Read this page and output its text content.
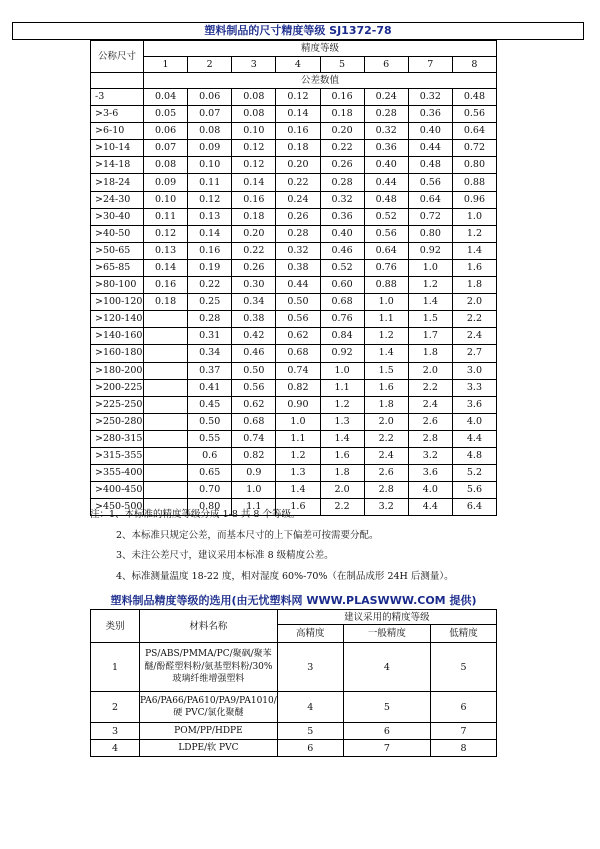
塑料制品的尺寸精度等级 SJ1372-78
公称尺寸	精度等级							
	1	2	3	4	5	6	7	8
	公差数值							
-3	0.04	0.06	0.08	0.12	0.16	0.24	0.32	0.48
>3-6	0.05	0.07	0.08	0.14	0.18	0.28	0.36	0.56
>6-10	0.06	0.08	0.10	0.16	0.20	0.32	0.40	0.64
>10-14	0.07	0.09	0.12	0.18	0.22	0.36	0.44	0.72
>14-18	0.08	0.10	0.12	0.20	0.26	0.40	0.48	0.80
>18-24	0.09	0.11	0.14	0.22	0.28	0.44	0.56	0.88
>24-30	0.10	0.12	0.16	0.24	0.32	0.48	0.64	0.96
>30-40	0.11	0.13	0.18	0.26	0.36	0.52	0.72	1.0
>40-50	0.12	0.14	0.20	0.28	0.40	0.56	0.80	1.2
>50-65	0.13	0.16	0.22	0.32	0.46	0.64	0.92	1.4
>65-85	0.14	0.19	0.26	0.38	0.52	0.76	1.0	1.6
>80-100	0.16	0.22	0.30	0.44	0.60	0.88	1.2	1.8
>100-120	0.18	0.25	0.34	0.50	0.68	1.0	1.4	2.0
>120-140		0.28	0.38	0.56	0.76	1.1	1.5	2.2
>140-160		0.31	0.42	0.62	0.84	1.2	1.7	2.4
>160-180		0.34	0.46	0.68	0.92	1.4	1.8	2.7
>180-200		0.37	0.50	0.74	1.0	1.5	2.0	3.0
>200-225		0.41	0.56	0.82	1.1	1.6	2.2	3.3
>225-250		0.45	0.62	0.90	1.2	1.8	2.4	3.6
>250-280		0.50	0.68	1.0	1.3	2.0	2.6	4.0
>280-315		0.55	0.74	1.1	1.4	2.2	2.8	4.4
>315-355		0.6	0.82	1.2	1.6	2.4	3.2	4.8
>355-400		0.65	0.9	1.3	1.8	2.6	3.6	5.2
>400-450		0.70	1.0	1.4	2.0	2.8	4.0	5.6
>450-500		0.80	1.1	1.6	2.2	3.2	4.4	6.4
注：1、本标准的精度等级分成 1-8 共 8 个等级。
2、本标准只规定公差，而基本尺寸的上下偏差可按需要分配。
3、未注公差尺寸，建议采用本标准 8 级精度公差。
4、标准测量温度 18-22 度，相对湿度 60%-70%（在制品成形 24H 后测量）。
塑料制品精度等级的选用(由无忧塑料网 WWW.PLASWWW.COM 提供)
类别	材料名称	建议采用的精度等级		
		高精度	一般精度	低精度
1	PS/ABS/PMMA/PC/聚砜/聚苯醚/酚醛塑料粉/氨基塑料粉/30%玻璃纤维增强塑料	3	4	5
2	PA6/PA66/PA610/PA9/PA1010/硬 PVC/氯化聚醚	4	5	6
3	POM/PP/HDPE	5	6	7
4	LDPE/软 PVC	6	7	8
